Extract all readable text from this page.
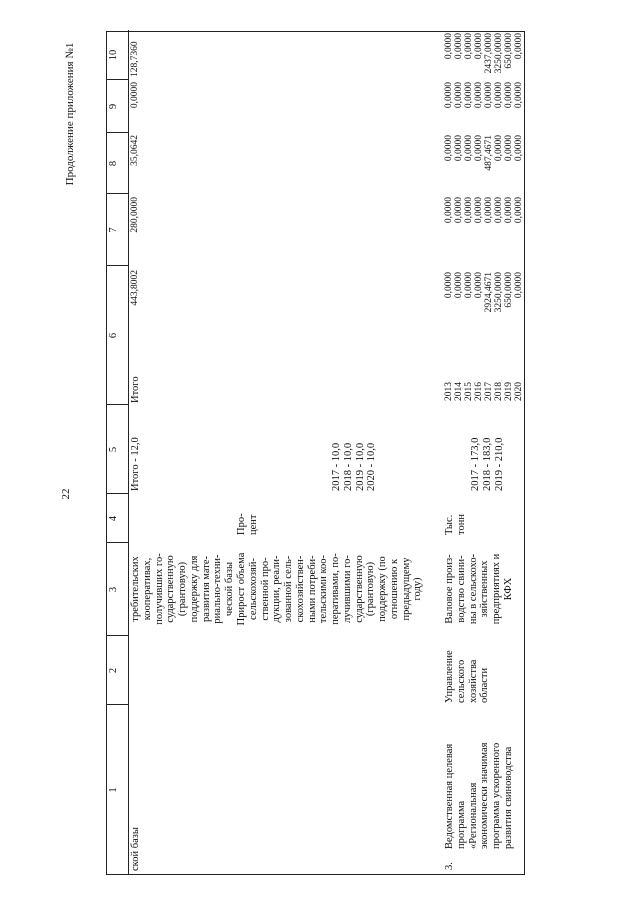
22
Продолжение приложения №1
1
2
3
4
5
6
7
8
9
10
ской базы
требительских
кооперативах,
получивших го-
сударственную
(грантовую)
поддержку для
развития мате-
риально-техни-
ческой базы
Итого - 12,0
Итого
443,8002
280,0000
35,0642
0,0000
128,7360
Прирост объема
сельскохозяй-
ственной про-
дукции, реали-
зованной сель-
скохозяйствен-
ными потреби-
тельскими коо-
перативами, по-
лучившими го-
сударственную
(грантовую)
поддержку (по
отношению к
предыдущему
году)
Про-
цент
2017 - 10,0
2018 - 10,0
2019 - 10,0
2020 - 10,0
3.
Ведомственная целевая
программа
«Региональная
экономически значимая
программа ускоренного
развития свиноводства
Управление
сельского
хозяйства
области
Валовое произ-
водство свини-
ны в сельскохо-
зяйственных
предприятиях и
КФХ
Тыс.
тонн
2017 - 173,0
2018 - 183,0
2019 - 210,0
2013
2014
2015
2016
2017
2018
2019
2020
0,0000
0,0000
0,0000
0,0000
2924,4671
3250,0000
650,0000
0,0000
0,0000
0,0000
0,0000
0,0000
0,0000
0,0000
0,0000
0,0000
0,0000
0,0000
0,0000
0,0000
487,4671
0,0000
0,0000
0,0000
0,0000
0,0000
0,0000
0,0000
0,0000
0,0000
0,0000
0,0000
0,0000
0,0000
0,0000
0,0000
2437,0000
3250,0000
650,0000
0,0000
